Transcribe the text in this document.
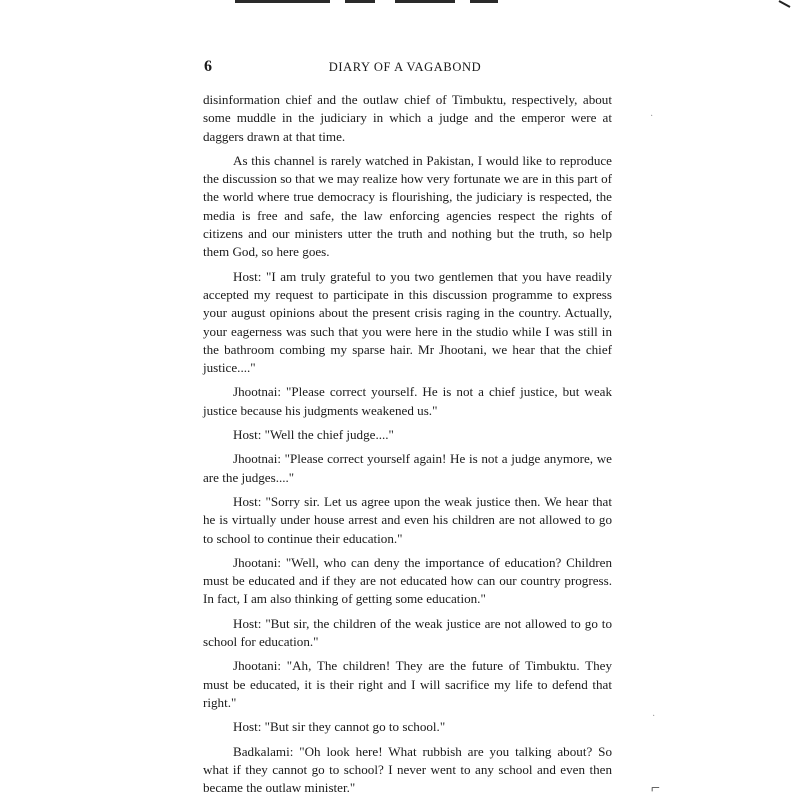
6	DIARY OF A VAGABOND

disinformation chief and the outlaw chief of Timbuktu, respectively, about some muddle in the judiciary in which a judge and the emperor were at daggers drawn at that time.

As this channel is rarely watched in Pakistan, I would like to reproduce the discussion so that we may realize how very fortunate we are in this part of the world where true democracy is flourishing, the judiciary is respected, the media is free and safe, the law enforcing agencies respect the rights of citizens and our ministers utter the truth and nothing but the truth, so help them God, so here goes.

Host: "I am truly grateful to you two gentlemen that you have readily accepted my request to participate in this discussion programme to express your august opinions about the present crisis raging in the country. Actually, your eagerness was such that you were here in the studio while I was still in the bathroom combing my sparse hair. Mr Jhootani, we hear that the chief justice...."

Jhootnai: "Please correct yourself. He is not a chief justice, but weak justice because his judgments weakened us."

Host: "Well the chief judge...."

Jhootnai: "Please correct yourself again! He is not a judge anymore, we are the judges...."

Host: "Sorry sir. Let us agree upon the weak justice then. We hear that he is virtually under house arrest and even his children are not allowed to go to school to continue their education."

Jhootani: "Well, who can deny the importance of education? Children must be educated and if they are not educated how can our country progress. In fact, I am also thinking of getting some education."

Host: "But sir, the children of the weak justice are not allowed to go to school for education."

Jhootani: "Ah, The children! They are the future of Timbuktu. They must be educated, it is their right and I will sacrifice my life to defend that right."

Host: "But sir they cannot go to school."

Badkalami: "Oh look here! What rubbish are you talking about? So what if they cannot go to school? I never went to any school and even then became the outlaw minister."

·
·
⌐
